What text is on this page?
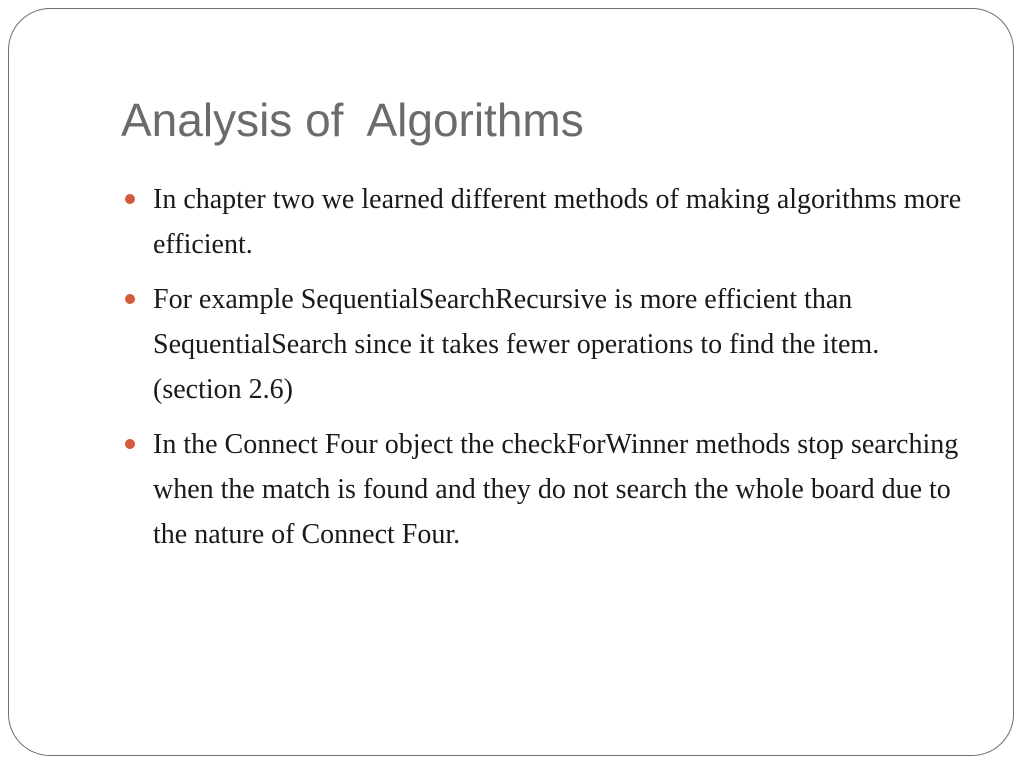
Analysis of  Algorithms
In chapter two we learned different methods of making algorithms more efficient.
For example SequentialSearchRecursive is more efficient than SequentialSearch since it takes fewer operations to find the item. (section 2.6)
In the Connect Four object the checkForWinner methods stop searching when the match is found and they do not search the whole board due to the nature of Connect Four.
